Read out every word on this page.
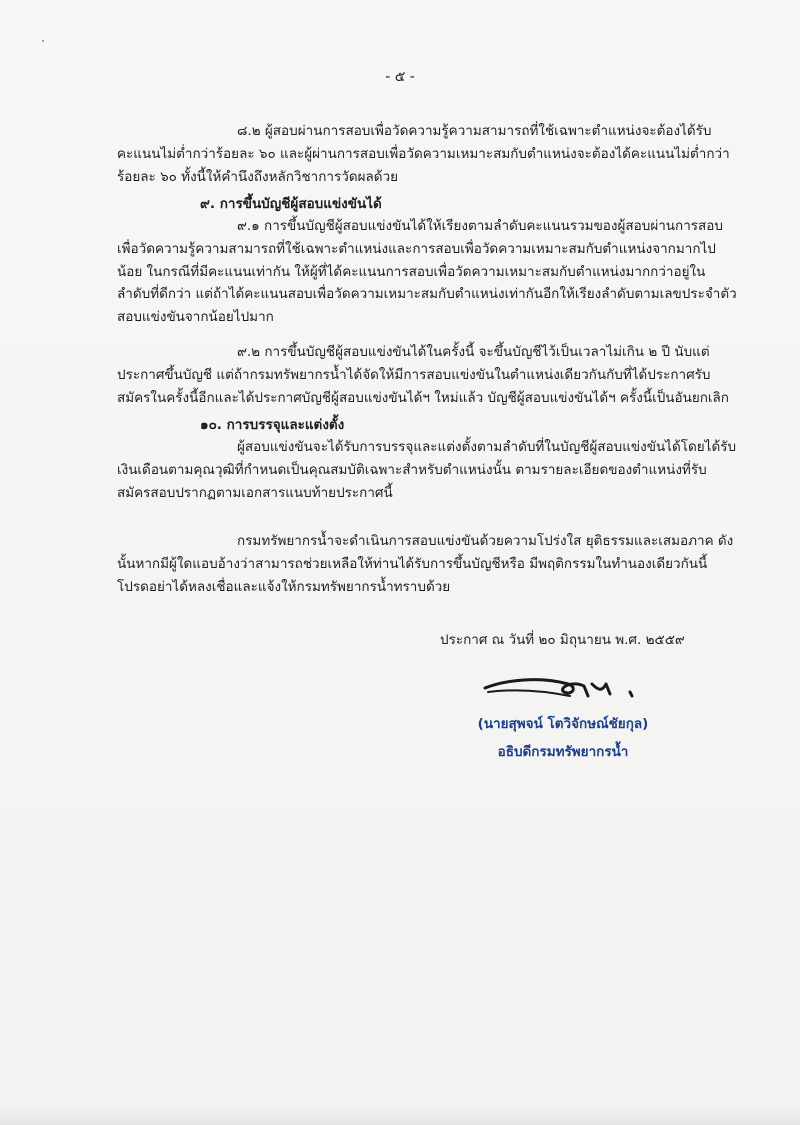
- ๕ -

๘.๒ ผู้สอบผ่านการสอบเพื่อวัดความรู้ความสามารถที่ใช้เฉพาะตำแหน่งจะต้องได้รับคะแนนไม่ต่ำกว่าร้อยละ ๖๐ และผู้ผ่านการสอบเพื่อวัดความเหมาะสมกับตำแหน่งจะต้องได้คะแนนไม่ต่ำกว่าร้อยละ ๖๐ ทั้งนี้ให้คำนึงถึงหลักวิชาการวัดผลด้วย

๙. การขึ้นบัญชีผู้สอบแข่งขันได้

๙.๑ การขึ้นบัญชีผู้สอบแข่งขันได้ให้เรียงตามลำดับคะแนนรวมของผู้สอบผ่านการสอบเพื่อวัดความรู้ความสามารถที่ใช้เฉพาะตำแหน่งและการสอบเพื่อวัดความเหมาะสมกับตำแหน่งจากมากไปน้อย ในกรณีที่มีคะแนนเท่ากัน ให้ผู้ที่ได้คะแนนการสอบเพื่อวัดความเหมาะสมกับตำแหน่งมากกว่าอยู่ในลำดับที่ดีกว่า แต่ถ้าได้คะแนนสอบเพื่อวัดความเหมาะสมกับตำแหน่งเท่ากันอีกให้เรียงลำดับตามเลขประจำตัวสอบแข่งขันจากน้อยไปมาก

๙.๒ การขึ้นบัญชีผู้สอบแข่งขันได้ในครั้งนี้ จะขึ้นบัญชีไว้เป็นเวลาไม่เกิน ๒ ปี นับแต่ประกาศขึ้นบัญชี แต่ถ้ากรมทรัพยากรน้ำได้จัดให้มีการสอบแข่งขันในตำแหน่งเดียวกันกับที่ได้ประกาศรับสมัครในครั้งนี้อีกและได้ประกาศบัญชีผู้สอบแข่งขันได้ฯ ใหม่แล้ว บัญชีผู้สอบแข่งขันได้ฯ ครั้งนี้เป็นอันยกเลิก

๑๐. การบรรจุและแต่งตั้ง

ผู้สอบแข่งขันจะได้รับการบรรจุและแต่งตั้งตามลำดับที่ในบัญชีผู้สอบแข่งขันได้โดยได้รับเงินเดือนตามคุณวุฒิที่กำหนดเป็นคุณสมบัติเฉพาะสำหรับตำแหน่งนั้น ตามรายละเอียดของตำแหน่งที่รับสมัครสอบปรากฏตามเอกสารแนบท้ายประกาศนี้

กรมทรัพยากรน้ำจะดำเนินการสอบแข่งขันด้วยความโปร่งใส ยุติธรรมและเสมอภาค ดังนั้นหากมีผู้ใดแอบอ้างว่าสามารถช่วยเหลือให้ท่านได้รับการขึ้นบัญชีหรือ มีพฤติกรรมในทำนองเดียวกันนี้โปรดอย่าได้หลงเชื่อและแจ้งให้กรมทรัพยากรน้ำทราบด้วย

ประกาศ ณ วันที่ ๒๐ มิถุนายน พ.ศ. ๒๕๕๙
(นายสุพจน์ โตวิจักษณ์ชัยกุล)
อธิบดีกรมทรัพยากรน้ำ
